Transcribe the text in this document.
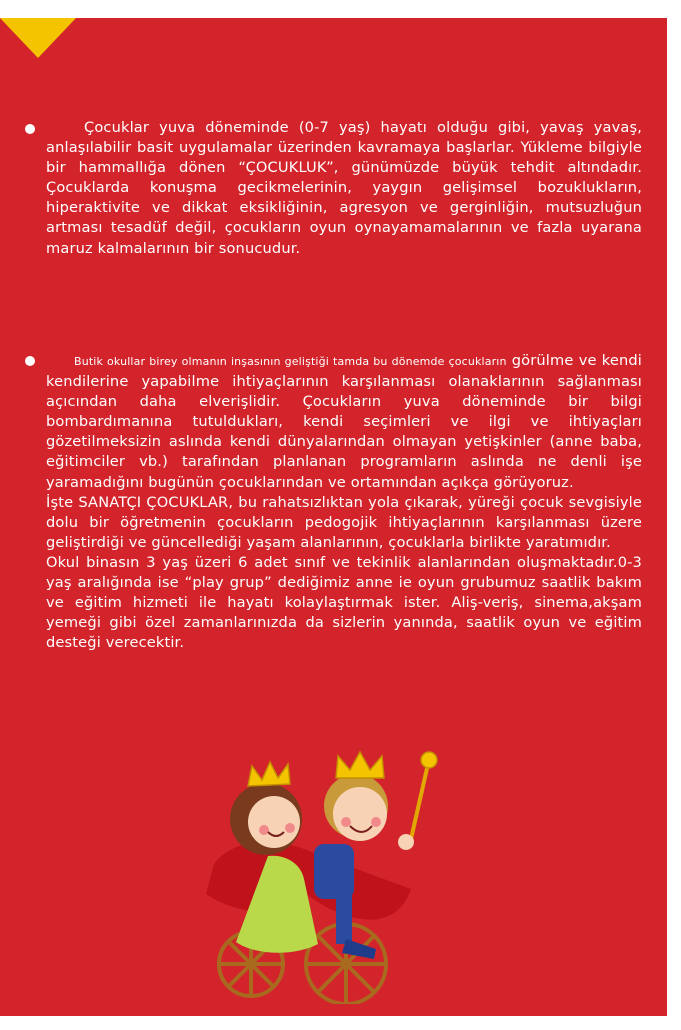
Çocuklar yuva döneminde (0-7 yaş) hayatı olduğu gibi, yavaş yavaş, anlaşılabilir basit uygulamalar üzerinden kavramaya başlarlar. Yükleme bilgiyle bir hammallığa dönen “ÇOCUKLUK”, günümüzde büyük tehdit altındadır. Çocuklarda konuşma gecikmelerinin, yaygın gelişimsel bozuklukların, hiperaktivite ve dikkat eksikliğinin, agresyon ve gerginliğin, mutsuzluğun artması tesadüf değil, çocukların oyun oynayamamalarının ve fazla uyarana maruz kalmalarının bir sonucudur.

Butik okullar birey olmanın inşasının geliştiği tamda bu dönemde çocukların görülme ve kendi kendilerine yapabilme ihtiyaçlarının karşılanması olanaklarının sağlanması açıcından daha elverişlidir. Çocukların yuva döneminde bir bilgi bombardımanına tutuldukları, kendi seçimleri ve ilgi ve ihtiyaçları gözetilmeksizin aslında kendi dünyalarından olmayan yetişkinler (anne baba, eğitimciler vb.) tarafından planlanan programların aslında ne denli işe yaramadığını bugünün çocuklarından ve ortamından açıkça görüyoruz.

İşte SANATÇI ÇOCUKLAR, bu rahatsızlıktan yola çıkarak, yüreği çocuk sevgisiyle dolu bir öğretmenin çocukların pedogojik ihtiyaçlarının karşılanması üzere geliştirdiği ve güncellediği yaşam alanlarının, çocuklarla birlikte yaratımıdır.

Okul binasın 3 yaş üzeri 6 adet sınıf ve tekinlik alanlarından oluşmaktadır.0-3 yaş aralığında ise “play grup” dediğimiz anne ie oyun grubumuz saatlik bakım ve eğitim hizmeti ile hayatı kolaylaştırmak ister. Aliş-veriş, sinema,akşam yemeği gibi özel zamanlarınızda da sizlerin yanında, saatlik oyun ve eğitim desteği verecektir.
